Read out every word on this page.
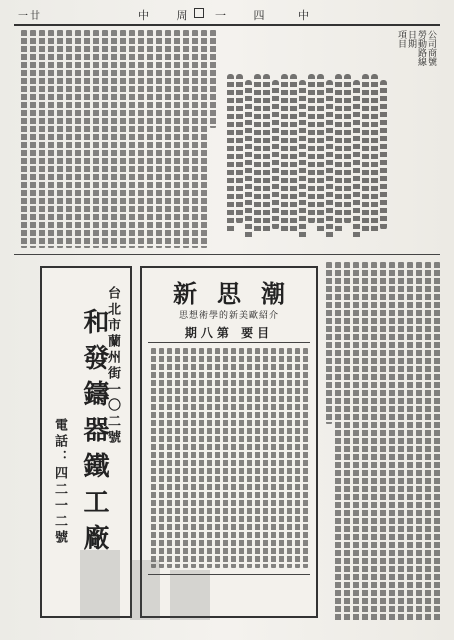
一廿	中 周 一 四 中
公司商號
勞動路線
日期
項目
新思潮
思想術學的新美歐紹介
期八第 要目
台北市蘭州街一〇二號
和發鑄器鐵工廠
電話：四二一二號
